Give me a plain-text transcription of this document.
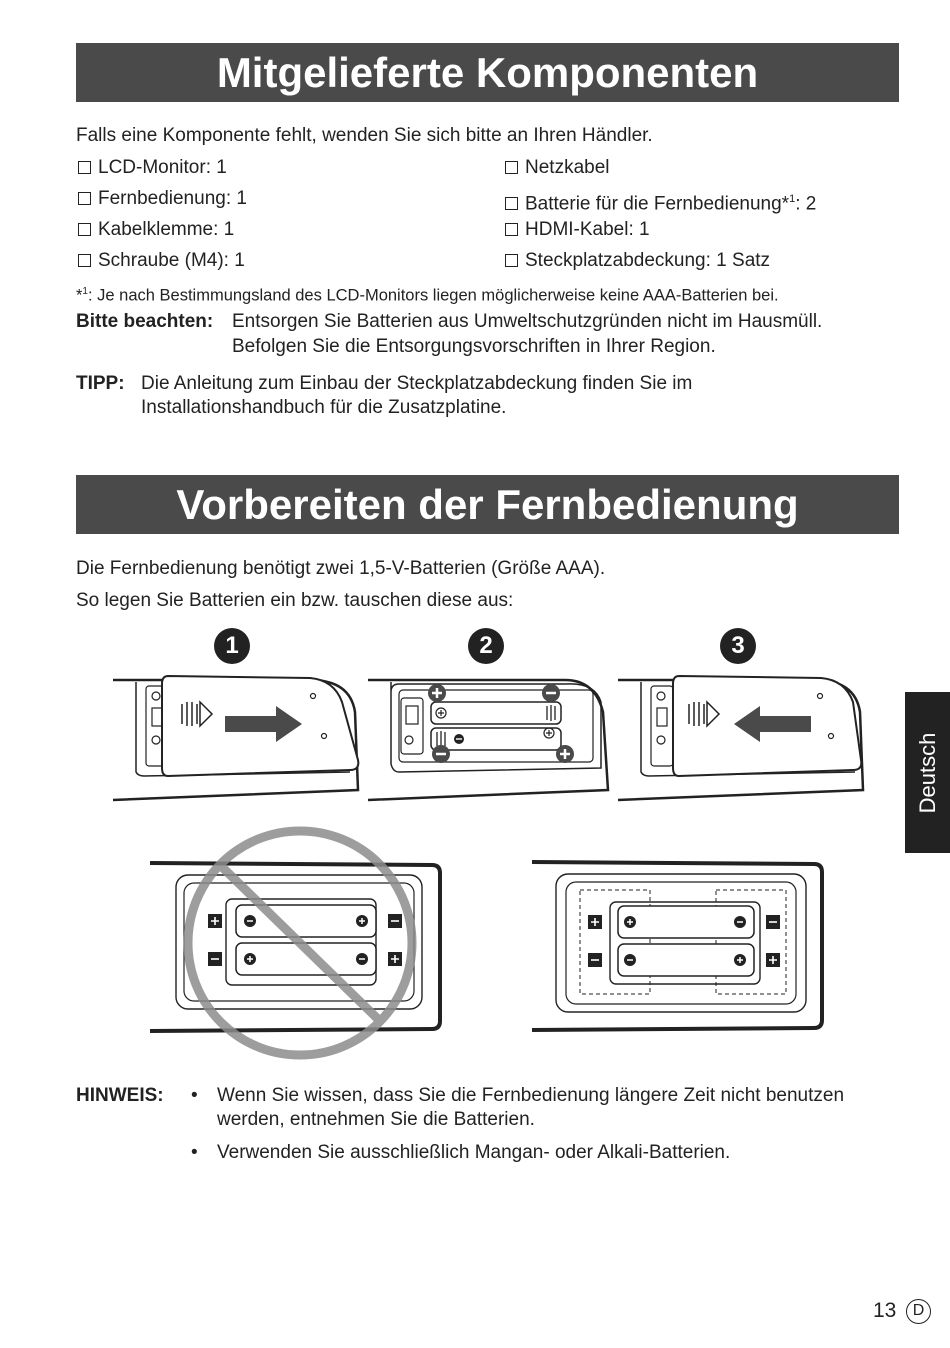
Mitgelieferte Komponenten
Falls eine Komponente fehlt, wenden Sie sich bitte an Ihren Händler.
LCD-Monitor: 1
Fernbedienung: 1
Kabelklemme: 1
Schraube (M4): 1
Netzkabel
Batterie für die Fernbedienung*$^1$: 2
HDMI-Kabel: 1
Steckplatzabdeckung: 1 Satz
*$^1$: Je nach Bestimmungsland des LCD-Monitors liegen möglicherweise keine AAA-Batterien bei.
Bitte beachten: Entsorgen Sie Batterien aus Umweltschutzgründen nicht im Hausmüll.
Befolgen Sie die Entsorgungsvorschriften in Ihrer Region.
TIPP: Die Anleitung zum Einbau der Steckplatzabdeckung finden Sie im
Installationshandbuch für die Zusatzplatine.
Vorbereiten der Fernbedienung
Die Fernbedienung benötigt zwei 1,5-V-Batterien (Größe AAA).
So legen Sie Batterien ein bzw. tauschen diese aus:
1	2	3
HINWEIS: • Wenn Sie wissen, dass Sie die Fernbedienung längere Zeit nicht benutzen
werden, entnehmen Sie die Batterien.
• Verwenden Sie ausschließlich Mangan- oder Alkali-Batterien.
Deutsch
13	D
